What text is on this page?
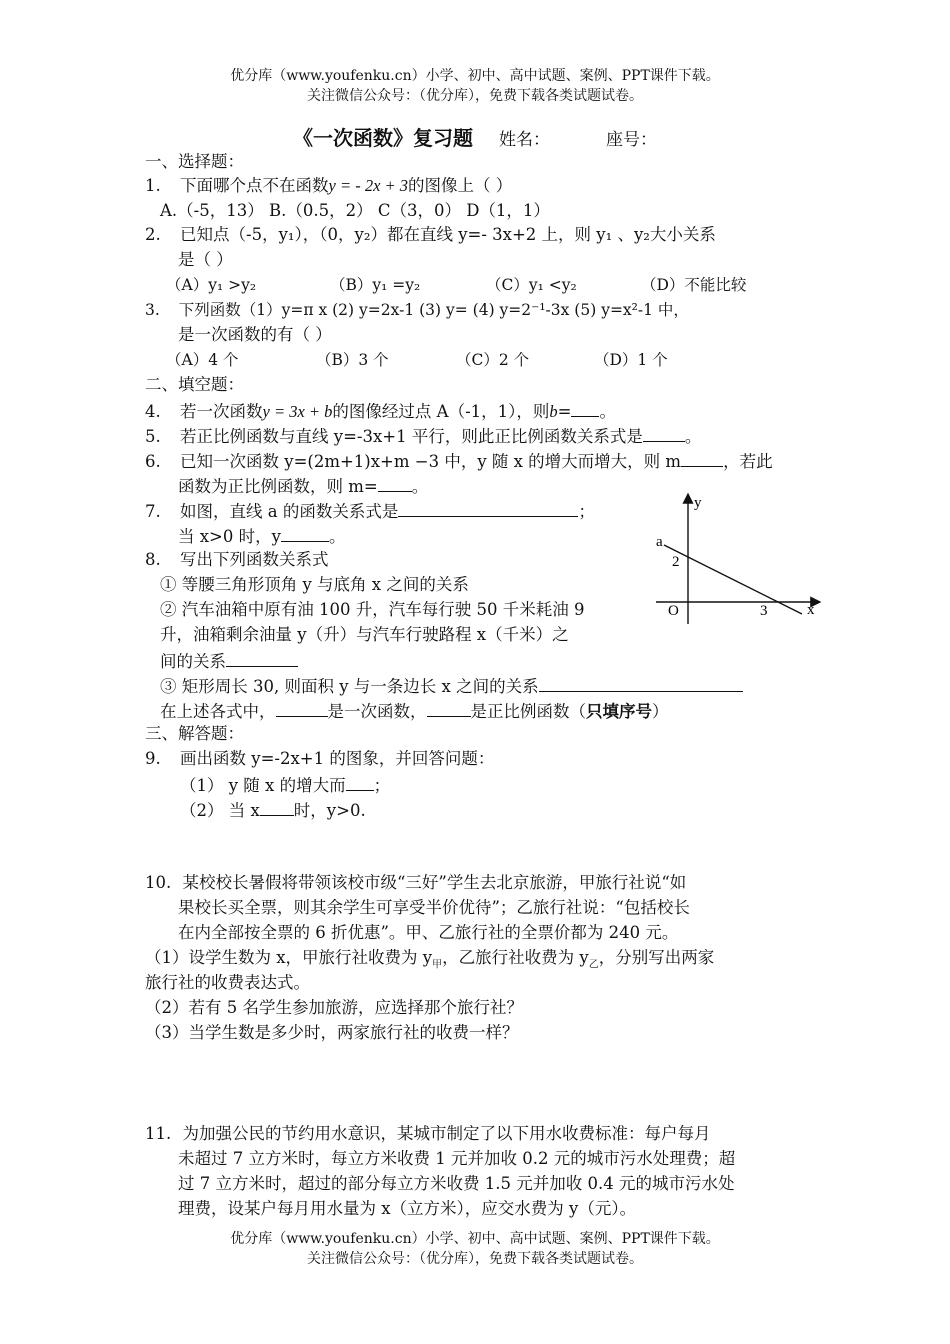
优分库（www.youfenku.cn）小学、初中、高中试题、案例、PPT课件下载。
关注微信公众号：（优分库），免费下载各类试题试卷。
《一次函数》复习题 姓名：	座号：
一、选择题：
1. 下面哪个点不在函数y = - 2x + 3的图像上（ ）
A.（-5，13） B.（0.5，2） C（3，0） D（1，1）
2. 已知点（-5，y₁），（0，y₂）都在直线 y=- 3x+2 上，则 y₁ 、y₂大小关系
是（ ）
（A）y₁ >y₂	（B）y₁ =y₂	（C）y₁ <y₂	（D）不能比较
3. 下列函数（1）y=π x (2) y=2x-1 (3) y= (4) y=2⁻¹-3x (5) y=x²-1 中，
是一次函数的有（ ）
（A）4 个	（B）3 个	（C）2 个	（D）1 个
二、填空题：
4. 若一次函数y = 3x + b的图像经过点 A（-1，1），则b= 。
5. 若正比例函数与直线 y=-3x+1 平行，则此正比例函数关系式是	。
6. 已知一次函数 y=(2m+1)x+m −3 中，y 随 x 的增大而增大，则 m	，若此
函数为正比例函数，则 m= 。
7. 如图，直线 a 的函数关系式是	；
当 x>0 时，y	。
8. 写出下列函数关系式
① 等腰三角形顶角 y 与底角 x 之间的关系
② 汽车油箱中原有油 100 升，汽车每行驶 50 千米耗油 9
升，油箱剩余油量 y（升）与汽车行驶路程 x（千米）之
间的关系
③ 矩形周长 30, 则面积 y 与一条边长 x 之间的关系
在上述各式中，	是一次函数，	是正比例函数（只填序号）
y
x
O
a
2
3
三、解答题：
9. 画出函数 y=-2x+1 的图象，并回答问题：
（1） y 随 x 的增大而 ；
（2） 当 x 时，y>0.
10. 某校校长暑假将带领该校市级“三好”学生去北京旅游，甲旅行社说“如
果校长买全票，则其余学生可享受半价优待”；乙旅行社说：“包括校长
在内全部按全票的 6 折优惠”。甲、乙旅行社的全票价都为 240 元。
（1）设学生数为 x，甲旅行社收费为 $y_甲$，乙旅行社收费为 $y_乙$，分别写出两家
旅行社的收费表达式。
（2）若有 5 名学生参加旅游，应选择那个旅行社？
（3）当学生数是多少时，两家旅行社的收费一样？
11. 为加强公民的节约用水意识，某城市制定了以下用水收费标准：每户每月
未超过 7 立方米时，每立方米收费 1 元并加收 0.2 元的城市污水处理费；超
过 7 立方米时，超过的部分每立方米收费 1.5 元并加收 0.4 元的城市污水处
理费，设某户每月用水量为 x（立方米），应交水费为 y（元）。
优分库（www.youfenku.cn）小学、初中、高中试题、案例、PPT课件下载。
关注微信公众号：（优分库），免费下载各类试题试卷。
